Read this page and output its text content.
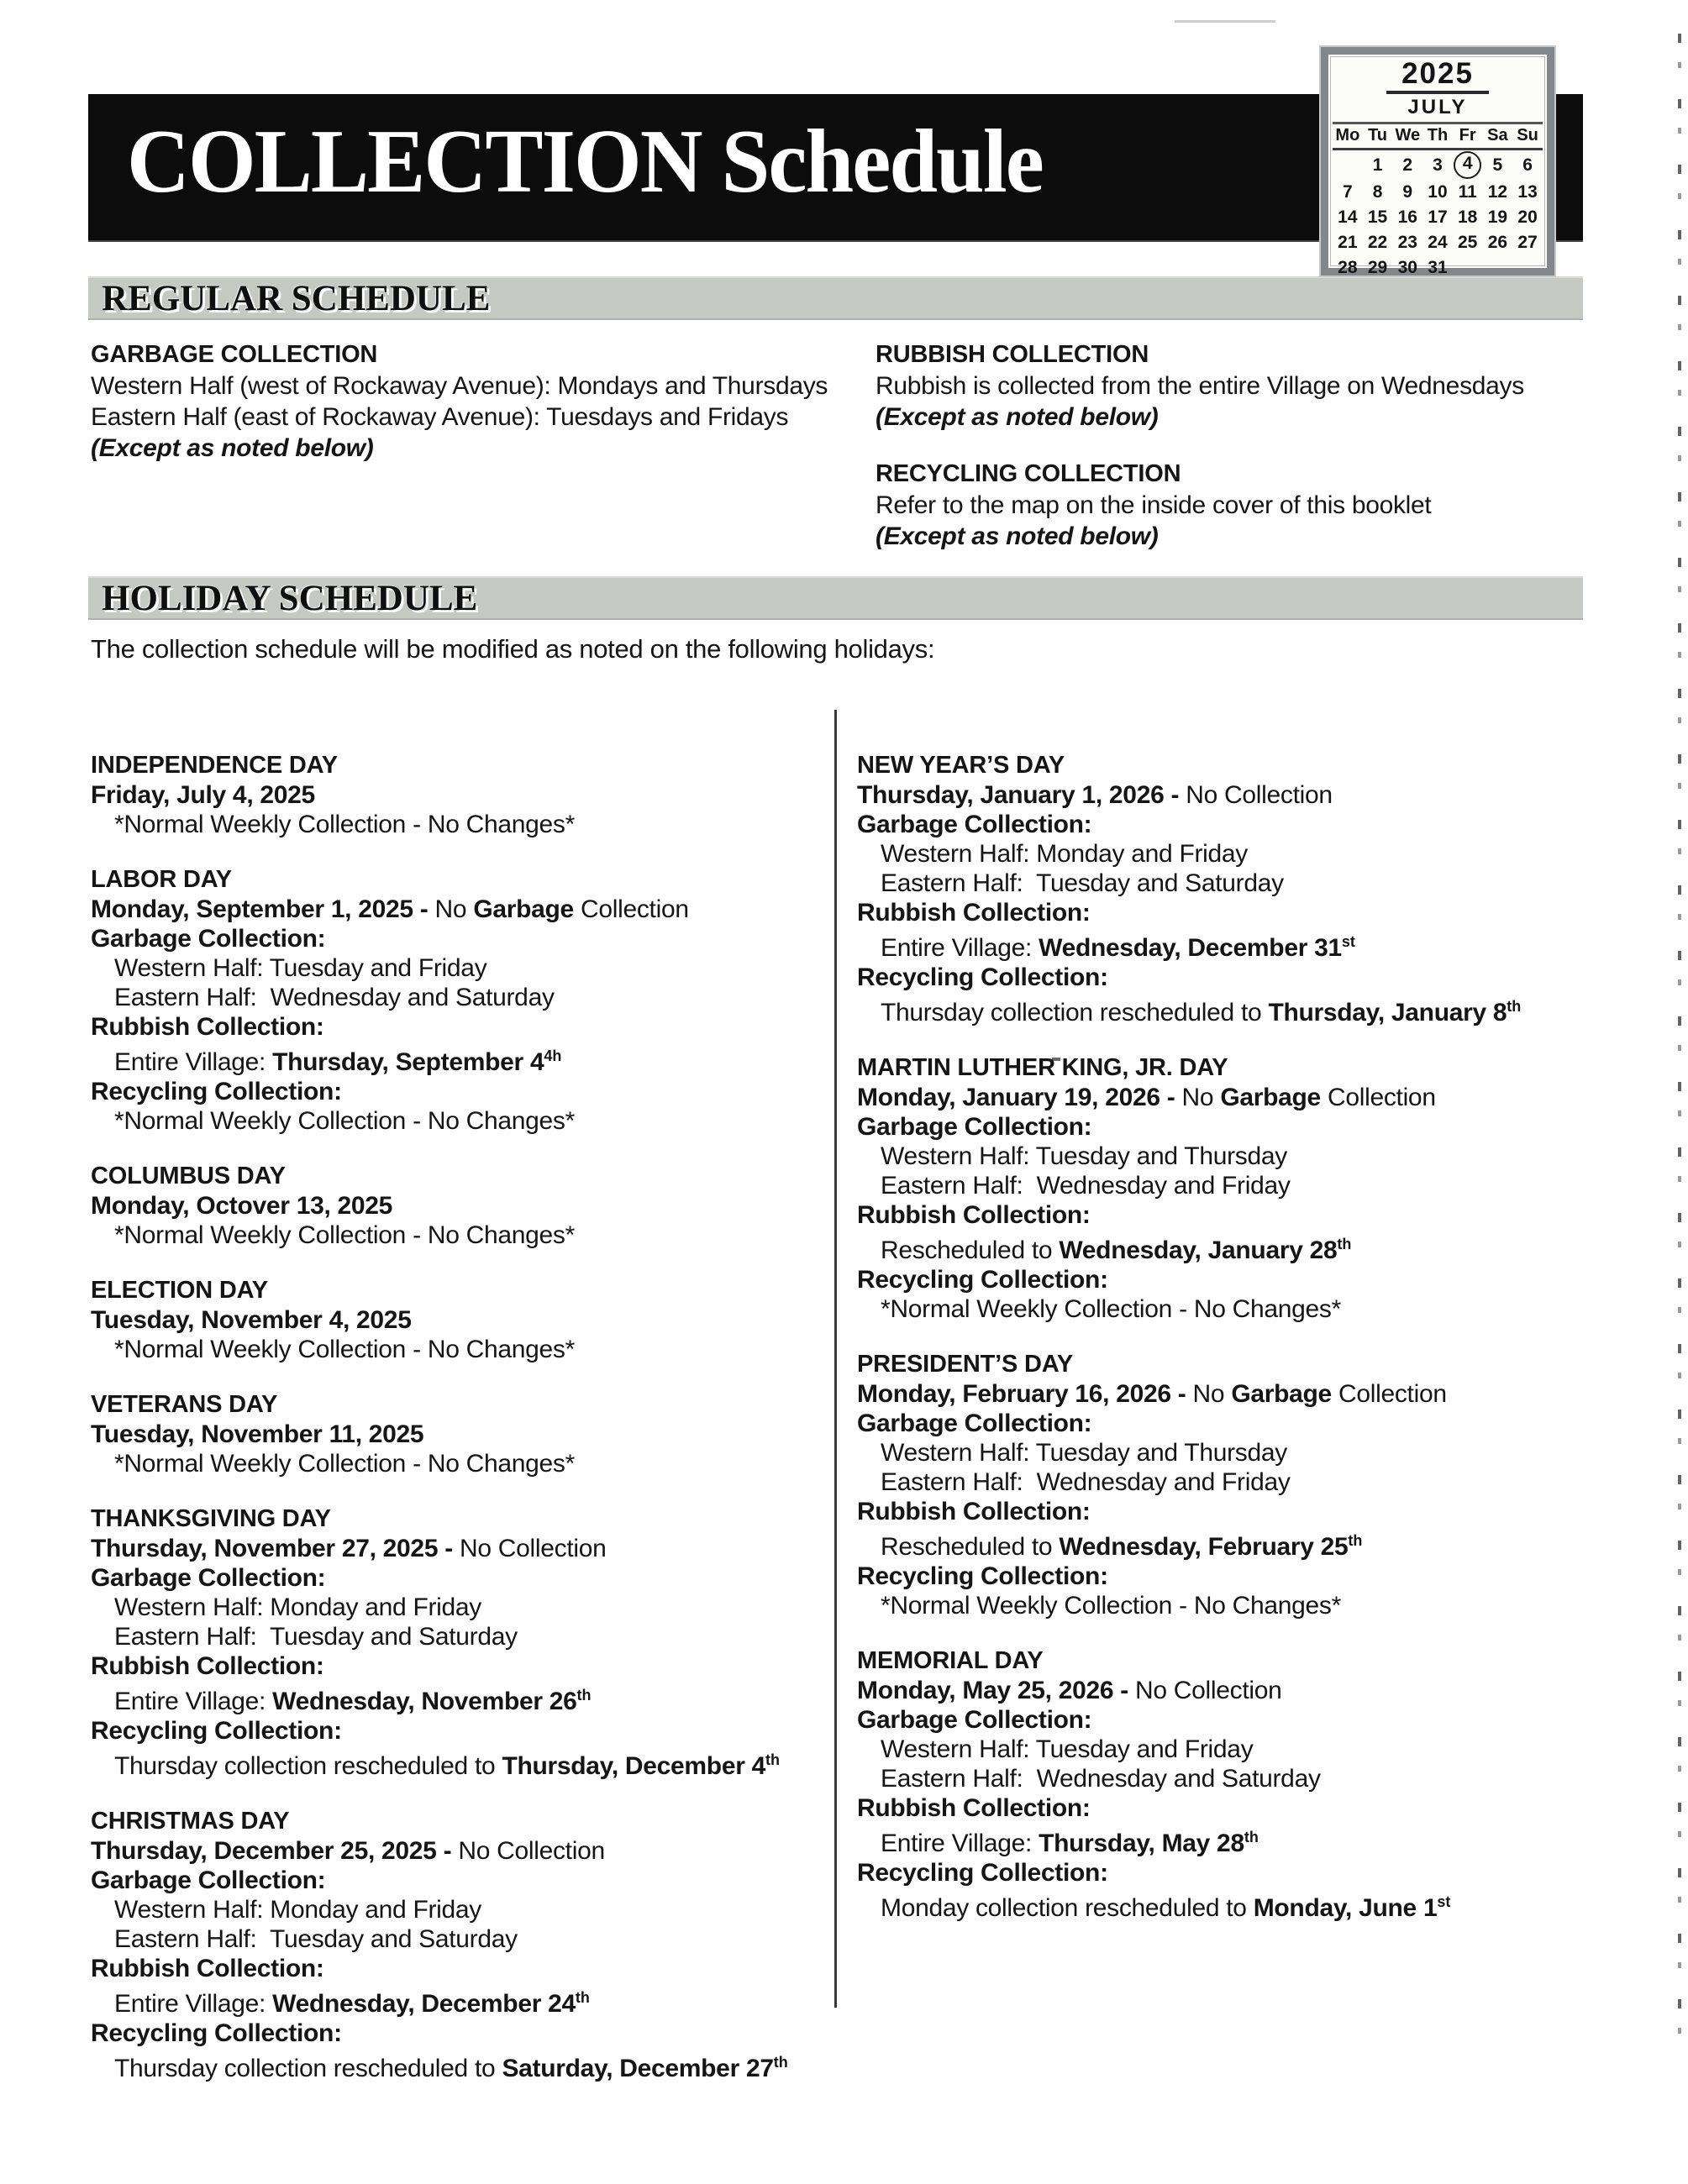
COLLECTION Schedule
2025
JULY
Mo	Tu	We	Th	Fr	Sa	Su
	1	2	3	4	5	6
7	8	9	10	11	12	13
14	15	16	17	18	19	20
21	22	23	24	25	26	27
28	29	30	31			
REGULAR SCHEDULE
GARBAGE COLLECTION
Western Half (west of Rockaway Avenue): Mondays and Thursdays
Eastern Half (east of Rockaway Avenue): Tuesdays and Fridays
(Except as noted below)
RUBBISH COLLECTION
Rubbish is collected from the entire Village on Wednesdays
(Except as noted below)
RECYCLING COLLECTION
Refer to the map on the inside cover of this booklet
(Except as noted below)
HOLIDAY SCHEDULE
The collection schedule will be modified as noted on the following holidays:
INDEPENDENCE DAY
Friday, July 4, 2025
*Normal Weekly Collection - No Changes*
LABOR DAY
Monday, September 1, 2025 - No Garbage Collection
Garbage Collection:
Western Half: Tuesday and Friday
Eastern Half:  Wednesday and Saturday
Rubbish Collection:
Entire Village: Thursday, September $4^{4h}$
Recycling Collection:
*Normal Weekly Collection - No Changes*
COLUMBUS DAY
Monday, Octover 13, 2025
*Normal Weekly Collection - No Changes*
ELECTION DAY
Tuesday, November 4, 2025
*Normal Weekly Collection - No Changes*
VETERANS DAY
Tuesday, November 11, 2025
*Normal Weekly Collection - No Changes*
THANKSGIVING DAY
Thursday, November 27, 2025 - No Collection
Garbage Collection:
Western Half: Monday and Friday
Eastern Half:  Tuesday and Saturday
Rubbish Collection:
Entire Village: Wednesday, November 26th
Recycling Collection:
Thursday collection rescheduled to Thursday, December 4th
CHRISTMAS DAY
Thursday, December 25, 2025 - No Collection
Garbage Collection:
Western Half: Monday and Friday
Eastern Half:  Tuesday and Saturday
Rubbish Collection:
Entire Village: Wednesday, December 24th
Recycling Collection:
Thursday collection rescheduled to Saturday, December 27th
NEW YEAR’S DAY
Thursday, January 1, 2026 - No Collection
Garbage Collection:
Western Half: Monday and Friday
Eastern Half:  Tuesday and Saturday
Rubbish Collection:
Entire Village: Wednesday, December 31st
Recycling Collection:
Thursday collection rescheduled to Thursday, January 8th
MARTIN LUTHER KING, JR. DAY
Monday, January 19, 2026 - No Garbage Collection
Garbage Collection:
Western Half: Tuesday and Thursday
Eastern Half:  Wednesday and Friday
Rubbish Collection:
Rescheduled to Wednesday, January 28th
Recycling Collection:
*Normal Weekly Collection - No Changes*
PRESIDENT’S DAY
Monday, February 16, 2026 - No Garbage Collection
Garbage Collection:
Western Half: Tuesday and Thursday
Eastern Half:  Wednesday and Friday
Rubbish Collection:
Rescheduled to Wednesday, February 25th
Recycling Collection:
*Normal Weekly Collection - No Changes*
MEMORIAL DAY
Monday, May 25, 2026 - No Collection
Garbage Collection:
Western Half: Tuesday and Friday
Eastern Half:  Wednesday and Saturday
Rubbish Collection:
Entire Village: Thursday, May 28th
Recycling Collection:
Monday collection rescheduled to Monday, June 1st
